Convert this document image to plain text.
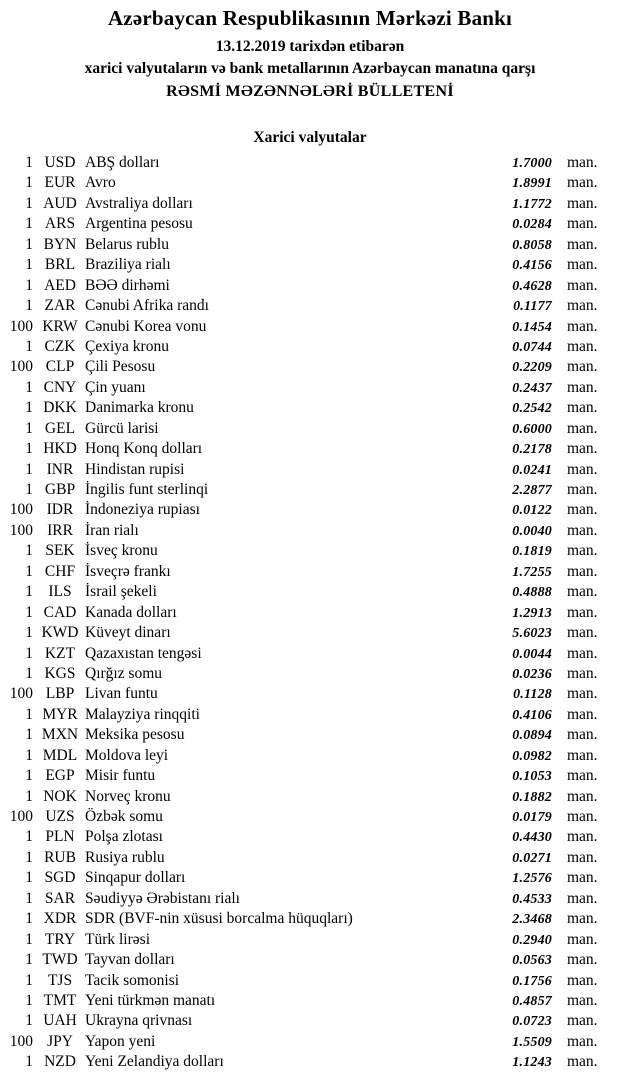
Azərbaycan Respublikasının Mərkəzi Bankı
13.12.2019 tarixdən etibarən
xarici valyutaların və bank metallarının Azərbaycan manatına qarşı
RƏSMİ MƏZƏNNƏLƏRİ BÜLLETENİ
Xarici valyutalar
1 USD ABŞ dolları	1.7000 man.
1 EUR Avro	1.8991 man.
1 AUD Avstraliya dolları	1.1772 man.
1 ARS Argentina pesosu	0.0284 man.
1 BYN Belarus rublu	0.8058 man.
1 BRL Braziliya rialı	0.4156 man.
1 AED BƏƏ dirhəmi	0.4628 man.
1 ZAR Cənubi Afrika randı	0.1177 man.
100 KRW Cənubi Korea vonu	0.1454 man.
1 CZK Çexiya kronu	0.0744 man.
100 CLP Çili Pesosu	0.2209 man.
1 CNY Çin yuanı	0.2437 man.
1 DKK Danimarka kronu	0.2542 man.
1 GEL Gürcü larisi	0.6000 man.
1 HKD Honq Konq dolları	0.2178 man.
1 INR Hindistan rupisi	0.0241 man.
1 GBP İngilis funt sterlinqi	2.2877 man.
100 IDR İndoneziya rupiası	0.0122 man.
100 IRR İran rialı	0.0040 man.
1 SEK İsveç kronu	0.1819 man.
1 CHF İsveçrə frankı	1.7255 man.
1 ILS İsrail şekeli	0.4888 man.
1 CAD Kanada dolları	1.2913 man.
1 KWD Küveyt dinarı	5.6023 man.
1 KZT Qazaxıstan tengəsi	0.0044 man.
1 KGS Qırğız somu	0.0236 man.
100 LBP Livan funtu	0.1128 man.
1 MYR Malayziya rinqqiti	0.4106 man.
1 MXN Meksika pesosu	0.0894 man.
1 MDL Moldova leyi	0.0982 man.
1 EGP Misir funtu	0.1053 man.
1 NOK Norveç kronu	0.1882 man.
100 UZS Özbək somu	0.0179 man.
1 PLN Polşa zlotası	0.4430 man.
1 RUB Rusiya rublu	0.0271 man.
1 SGD Sinqapur dolları	1.2576 man.
1 SAR Səudiyyə Ərəbistanı rialı	0.4533 man.
1 XDR SDR (BVF-nin xüsusi borcalma hüquqları)	2.3468 man.
1 TRY Türk lirəsi	0.2940 man.
1 TWD Tayvan dolları	0.0563 man.
1 TJS Tacik somonisi	0.1756 man.
1 TMT Yeni türkmən manatı	0.4857 man.
1 UAH Ukrayna qrivnası	0.0723 man.
100 JPY Yapon yeni	1.5509 man.
1 NZD Yeni Zelandiya dolları	1.1243 man.
